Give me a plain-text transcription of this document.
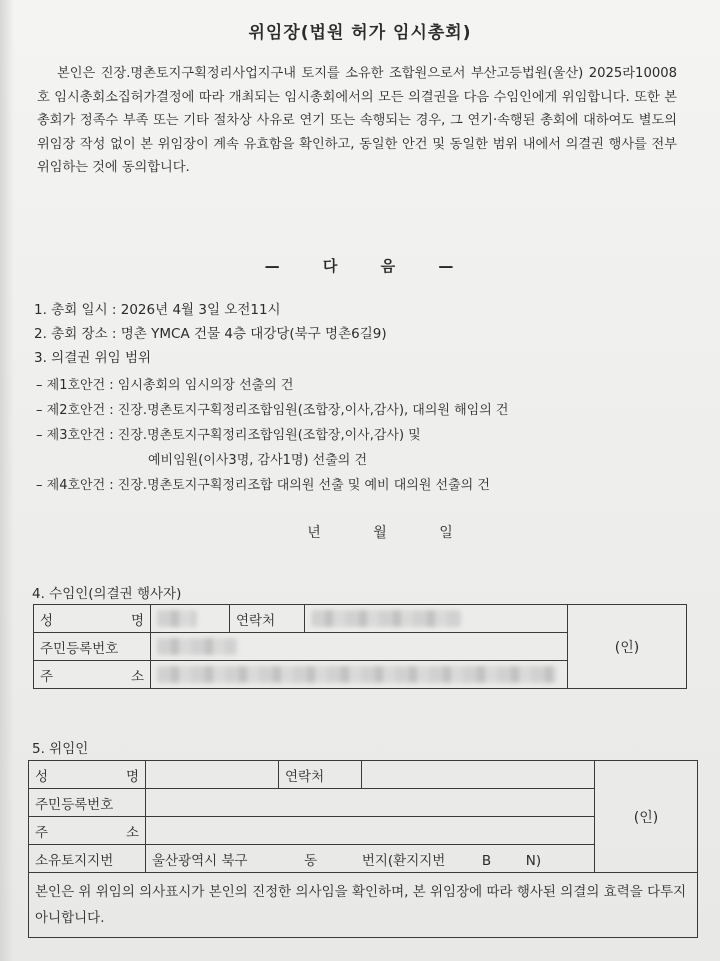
위임장(법원 허가 임시총회)
본인은 진장.명촌토지구획정리사업지구내 토지를 소유한 조합원으로서 부산고등법원(울산) 2025라10008호 임시총회소집허가결정에 따라 개최되는 임시총회에서의 모든 의결권을 다음 수임인에게 위임합니다. 또한 본 총회가 정족수 부족 또는 기타 절차상 사유로 연기 또는 속행되는 경우, 그 연기·속행된 총회에 대하여도 별도의 위임장 작성 없이 본 위임장이 계속 유효함을 확인하고, 동일한 안건 및 동일한 범위 내에서 의결권 행사를 전부 위임하는 것에 동의합니다.
— 다 음 —
1. 총회 일시 : 2026년 4월 3일 오전11시
2. 총회 장소 : 명촌 YMCA 건물 4층 대강당(북구 명촌6길9)
3. 의결권 위임 범위
– 제1호안건 : 임시총회의 임시의장 선출의 건
– 제2호안건 : 진장.명촌토지구획정리조합임원(조합장,이사,감사), 대의원 해임의 건
– 제3호안건 : 진장.명촌토지구획정리조합임원(조합장,이사,감사) 및
예비임원(이사3명, 감사1명) 선출의 건
– 제4호안건 : 진장.명촌토지구획정리조합 대의원 선출 및 예비 대의원 선출의 건
년 월 일
4. 수임인(의결권 행사자)
성 명		연락처		(인)
주민등록번호				

주 소				

5. 위임인
성 명		연락처		(인)
주민등록번호				

주 소				

소유토지지번	울산광역시 북구 동 번지(환지지번 B N)			
본인은 위 위임의 의사표시가 본인의 진정한 의사임을 확인하며, 본 위임장에 따라 행사된 의결의 효력을 다투지 아니합니다.				
